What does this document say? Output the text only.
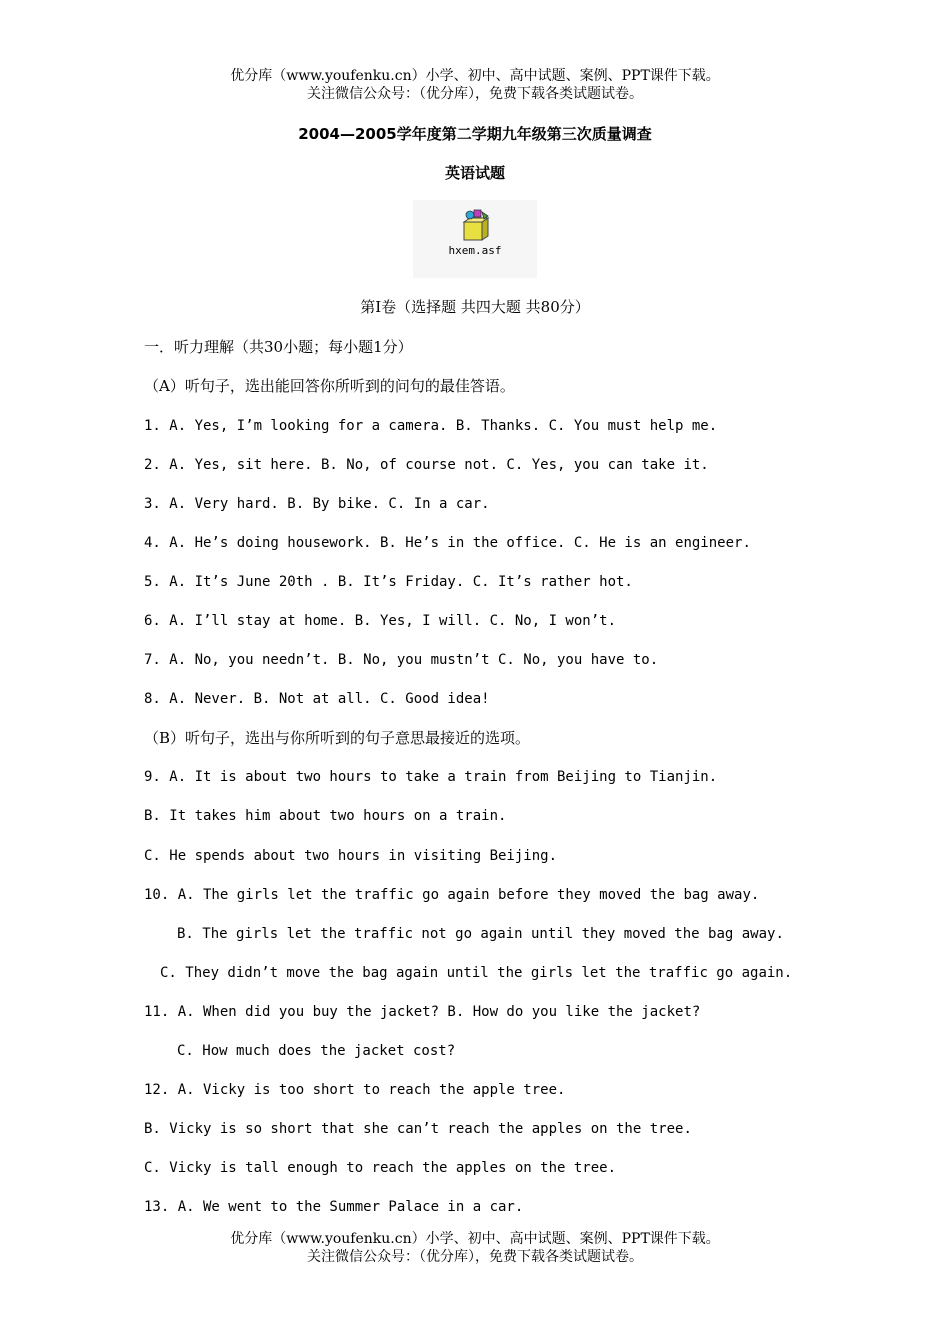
优分库（www.youfenku.cn）小学、初中、高中试题、案例、PPT课件下载。
关注微信公众号：（优分库），免费下载各类试题试卷。
2004—2005学年度第二学期九年级第三次质量调查
英语试题
hxem.asf
第Ⅰ卷（选择题 共四大题 共80分）
一．听力理解（共30小题；每小题1分）
（A）听句子，选出能回答你所听到的问句的最佳答语。
1. A. Yes, I’m looking for a camera. B. Thanks. C. You must help me.
2. A. Yes, sit here. B. No, of course not. C. Yes, you can take it.
3. A. Very hard. B. By bike. C. In a car.
4. A. He’s doing housework. B. He’s in the office. C. He is an engineer.
5. A. It’s June 20th . B. It’s Friday. C. It’s rather hot.
6. A. I’ll stay at home. B. Yes, I will. C. No, I won’t.
7. A. No, you needn’t. B. No, you mustn’t C. No, you have to.
8. A. Never. B. Not at all. C. Good idea!
（B）听句子，选出与你所听到的句子意思最接近的选项。
9. A. It is about two hours to take a train from Beijing to Tianjin.
B. It takes him about two hours on a train.
C. He spends about two hours in visiting Beijing.
10. A. The girls let the traffic go again before they moved the bag away.
B. The girls let the traffic not go again until they moved the bag away.
C. They didn’t move the bag again until the girls let the traffic go again.
11. A. When did you buy the jacket? B. How do you like the jacket?
C. How much does the jacket cost?
12. A. Vicky is too short to reach the apple tree.
B. Vicky is so short that she can’t reach the apples on the tree.
C. Vicky is tall enough to reach the apples on the tree.
13. A. We went to the Summer Palace in a car.
优分库（www.youfenku.cn）小学、初中、高中试题、案例、PPT课件下载。
关注微信公众号：（优分库），免费下载各类试题试卷。
